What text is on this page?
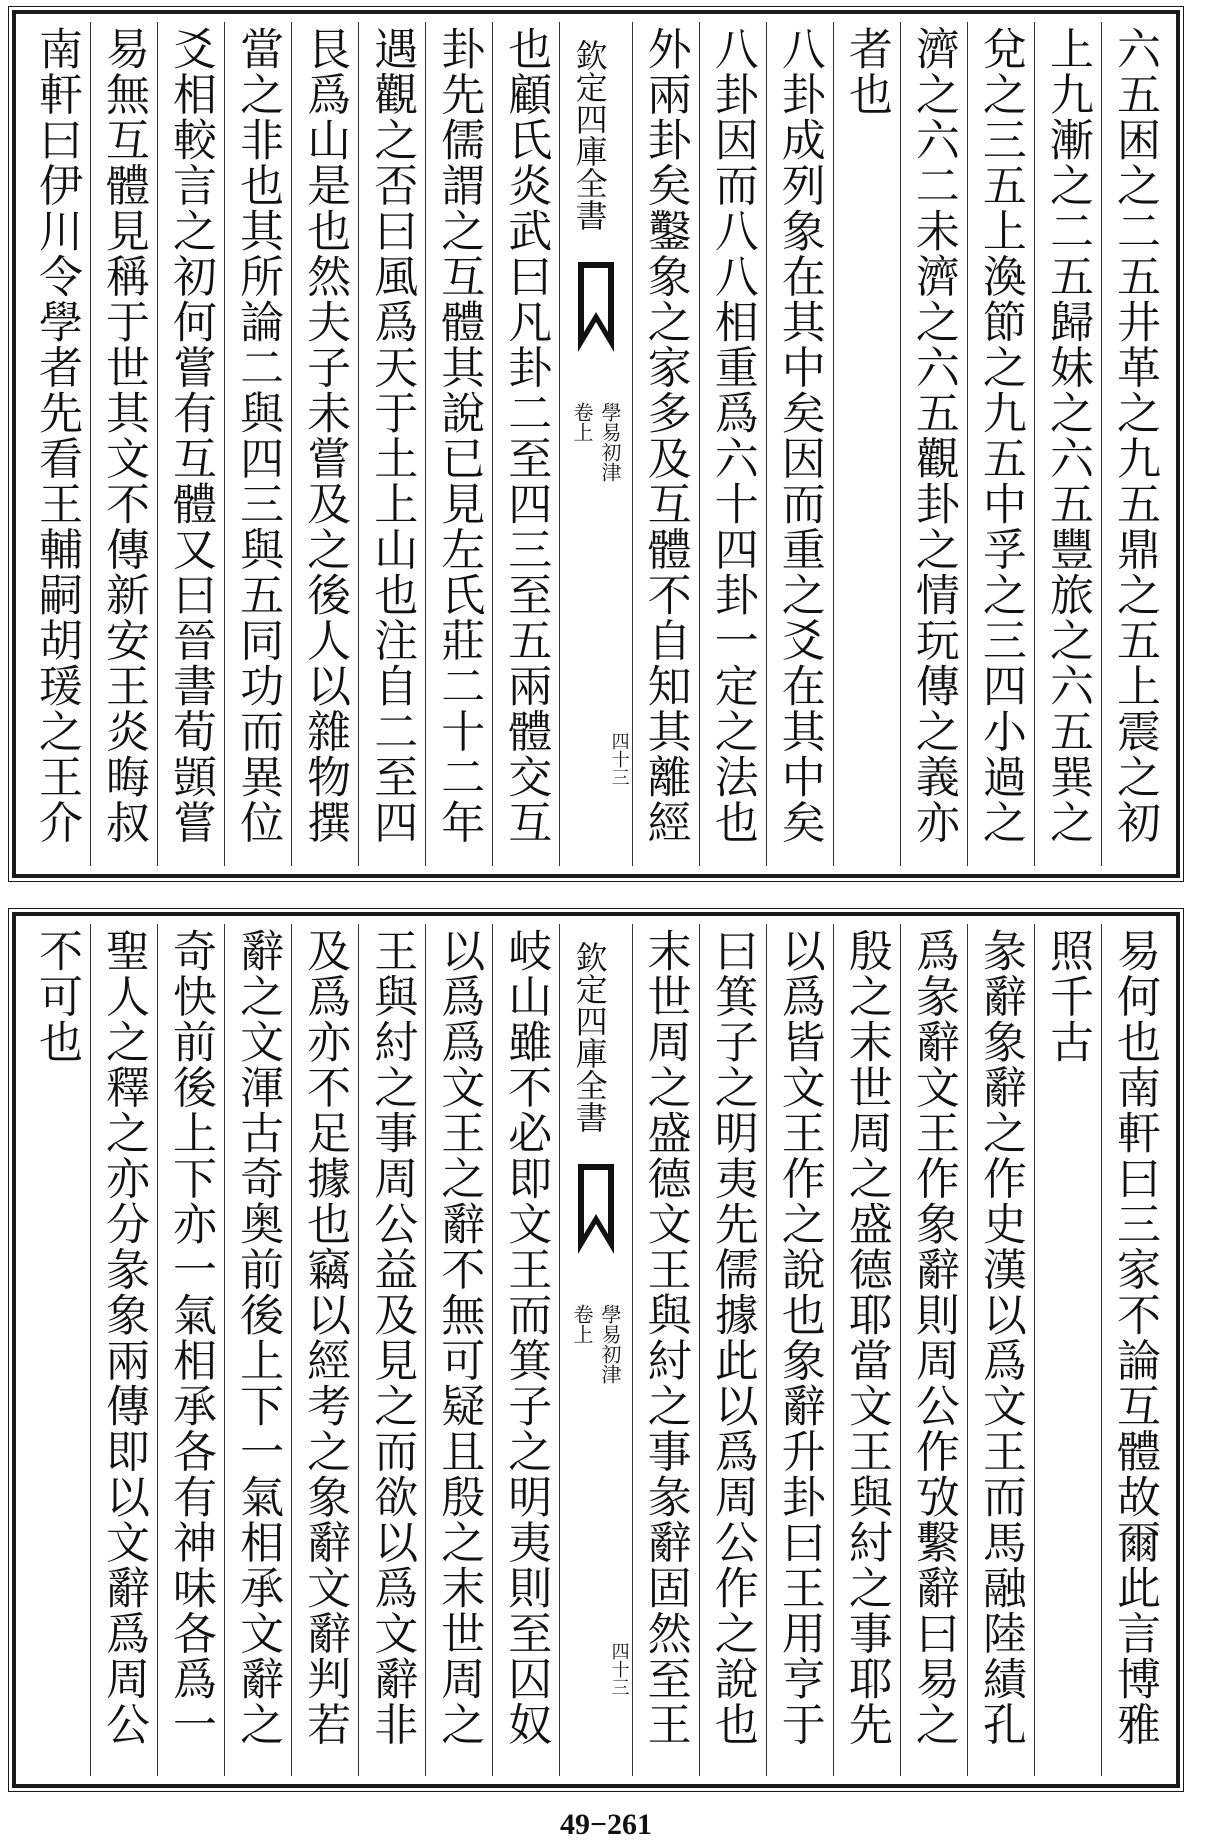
六五困之二五井革之九五鼎之五上震之初
上九漸之二五歸妹之六五豐旅之六五巽之
兌之三五上渙節之九五中孚之三四小過之
濟之六二未濟之六五觀卦之情玩傳之義亦
者也
八卦成列象在其中矣因而重之爻在其中矣
八卦因而八八相重爲六十四卦一定之法也
外兩卦矣鑿象之家多及互體不自知其離經
欽定四庫全書
學易初津
卷上
四十三
也顧氏炎武曰凡卦二至四三至五兩體交互
卦先儒謂之互體其說已見左氏莊二十二年
遇觀之否曰風爲天于土上山也注自二至四
艮爲山是也然夫子未嘗及之後人以雜物撰
當之非也其所論二與四三與五同功而異位
爻相較言之初何嘗有互體又曰晉書荀顗嘗
易無互體見稱于世其文不傳新安王炎晦叔
南軒曰伊川令學者先看王輔嗣胡瑗之王介
易何也南軒曰三家不論互體故爾此言博雅
照千古
彖辭象辭之作史漢以爲文王而馬融陸績孔
爲彖辭文王作象辭則周公作攷繫辭曰易之
殷之末世周之盛德耶當文王與紂之事耶先
以爲皆文王作之說也象辭升卦曰王用亨于
曰箕子之明夷先儒據此以爲周公作之說也
末世周之盛德文王與紂之事彖辭固然至王
欽定四庫全書
學易初津
卷上
四十三
岐山雖不必即文王而箕子之明夷則至囚奴
以爲爲文王之辭不無可疑且殷之末世周之
王與紂之事周公益及見之而欲以爲文辭非
及爲亦不足據也竊以經考之象辭文辭判若
辭之文渾古奇奥前後上下一氣相承文辭之
奇快前後上下亦一氣相承各有神味各爲一
聖人之釋之亦分彖象兩傳即以文辭爲周公
不可也
49−261
